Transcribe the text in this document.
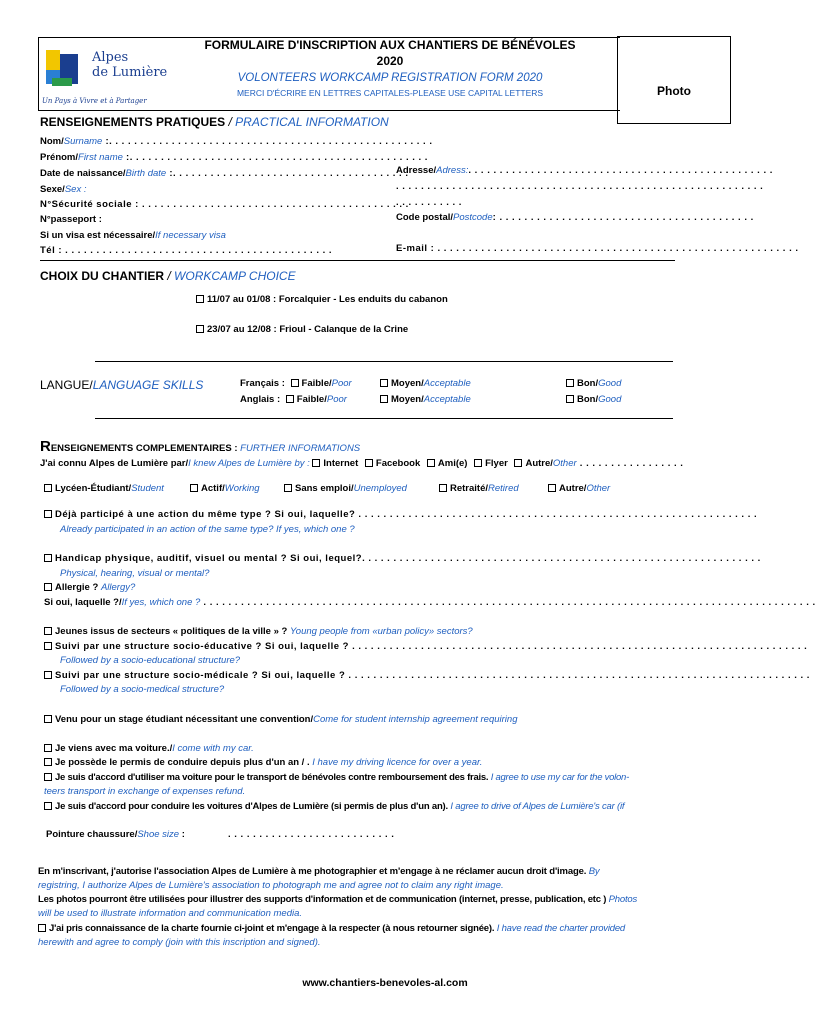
Alpes
de Lumière
Un Pays à Vivre et à Partager
FORMULAIRE D'INSCRIPTION AUX CHANTIERS DE BÉNÉVOLES
2020
VOLONTEERS WORKCAMP REGISTRATION FORM 2020
MERCI D'ÉCRIRE EN LETTRES CAPITALES-PLEASE USE CAPITAL LETTERS	Photo
RENSEIGNEMENTS PRATIQUES / PRACTICAL INFORMATION
Nom/Surname :. . . . . . . . . . . . . . . . . . . . . . . . . . . . . . . . . . . . . . . . . . . . . . . . . . . .
Prénom/First name :. . . . . . . . . . . . . . . . . . . . . . . . . . . . . . . . . . . . . . . . . . . . . . . .
Date de naissance/Birth date :. . . . . . . . . . . . . . . . . . . . . . . . . . . . . . . . . . . . . .
Sexe/Sex :
N°Sécurité sociale : . . . . . . . . . . . . . . . . . . . . . . . . . . . . . . . . . . . . . . . . . . .
N°passeport :
Si un visa est nécessaire/If necessary visa
Tél : . . . . . . . . . . . . . . . . . . . . . . . . . . . . . . . . . . . . . . . . . . .
Adresse/Adress:. . . . . . . . . . . . . . . . . . . . . . . . . . . . . . . . . . . . . . . . . . . . . . . . .
. . . . . . . . . . . . . . . . . . . . . . . . . . . . . . . . . . . . . . . . . . . . . . . . . . . . . . . . . . .
. . . . . . . . . . .
Code postal/Postcode: . . . . . . . . . . . . . . . . . . . . . . . . . . . . . . . . . . . . . . . . .
E-mail : . . . . . . . . . . . . . . . . . . . . . . . . . . . . . . . . . . . . . . . . . . . . . . . . . . . . . . . . . .
CHOIX DU CHANTIER / WORKCAMP CHOICE
11/07 au 01/08 : Forcalquier - Les enduits du cabanon
23/07 au 12/08 : Frioul - Calanque de la Crine
LANGUE/LANGUAGE SKILLS	Français : Faible/Poor	Moyen/Acceptable	Bon/Good
Anglais : Faible/Poor	Moyen/Acceptable	Bon/Good
RENSEIGNEMENTS COMPLEMENTAIRES : FURTHER INFORMATIONS
J'ai connu Alpes de Lumière par/I knew Alpes de Lumière by : Internet Facebook Ami(e) Flyer Autre/Other . . . . . . . . . . . . . . . . .
Lycéen-Étudiant/Student	Actif/Working	Sans emploi/Unemployed	Retraité/Retired	Autre/Other
Déjà participé à une action du même type ? Si oui, laquelle? . . . . . . . . . . . . . . . . . . . . . . . . . . . . . . . . . . . . . . . . . . . . . . . . . . . . . . . . . . . . . . . .
Already participated in an action of the same type? If yes, which one ?
Handicap physique, auditif, visuel ou mental ? Si oui, lequel?. . . . . . . . . . . . . . . . . . . . . . . . . . . . . . . . . . . . . . . . . . . . . . . . . . . . . . . . . . . . . . . .
Physical, hearing, visual or mental?
Allergie ? Allergy?
Si oui, laquelle ?/If yes, which one ? . . . . . . . . . . . . . . . . . . . . . . . . . . . . . . . . . . . . . . . . . . . . . . . . . . . . . . . . . . . . . . . . . . . . . . . . . . . . . . . . . . . . . . . . . . . . . . . . . .
Jeunes issus de secteurs « politiques de la ville » ? Young people from «urban policy» sectors?
Suivi par une structure socio-éducative ? Si oui, laquelle ? . . . . . . . . . . . . . . . . . . . . . . . . . . . . . . . . . . . . . . . . . . . . . . . . . . . . . . . . . . . . . . . . . . . . . . . . .
Followed by a socio-educational structure?
Suivi par une structure socio-médicale ? Si oui, laquelle ? . . . . . . . . . . . . . . . . . . . . . . . . . . . . . . . . . . . . . . . . . . . . . . . . . . . . . . . . . . . . . . . . . . . . . . . . . .
Followed by a socio-medical structure?
Venu pour un stage étudiant nécessitant une convention/Come for student internship agreement requiring
Je viens avec ma voiture./I come with my car.
Je possède le permis de conduire depuis plus d'un an / . I have my driving licence for over a year.
Je suis d'accord d'utiliser ma voiture pour le transport de bénévoles contre remboursement des frais. I agree to use my car for the volon-
teers transport in exchange of expenses refund.
Je suis d'accord pour conduire les voitures d'Alpes de Lumière (si permis de plus d'un an). I agree to drive of Alpes de Lumière's car (if
Pointure chaussure/Shoe size :	. . . . . . . . . . . . . . . . . . . . . . . . . . .
En m'inscrivant, j'autorise l'association Alpes de Lumière à me photographier et m'engage à ne réclamer aucun droit d'image. By
registring, I authorize Alpes de Lumière's association to photograph me and agree not to claim any right image.
Les photos pourront être utilisées pour illustrer des supports d'information et de communication (internet, presse, publication, etc ) Photos
will be used to illustrate information and communication media.
J'ai pris connaissance de la charte fournie ci-joint et m'engage à la respecter (à nous retourner signée). I have read the charter provided
herewith and agree to comply (join with this inscription and signed).
www.chantiers-benevoles-al.com
